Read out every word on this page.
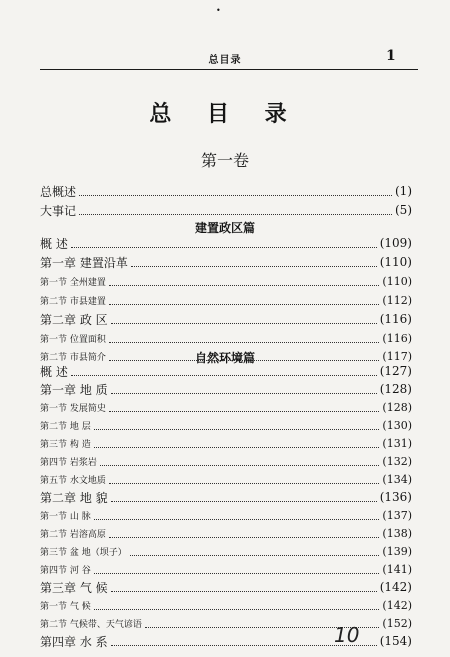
•
总目录	1
总 目 录
第一卷
总概述	(1)
大事记	(5)
建置政区篇
概 述	(109)
第一章 建置沿革	(110)
第一节 全州建置	(110)
第二节 市县建置	(112)
第二章 政 区	(116)
第一节 位置面积	(116)
第二节 市县简介	(117)
自然环境篇
概 述	(127)
第一章 地 质	(128)
第一节 发展简史	(128)
第二节 地 层	(130)
第三节 构 造	(131)
第四节 岩浆岩	(132)
第五节 水文地质	(134)
第二章 地 貌	(136)
第一节 山 脉	(137)
第二节 岩溶高原	(138)
第三节 盆 地（坝子）	(139)
第四节 河 谷	(141)
第三章 气 候	(142)
第一节 气 候	(142)
第二节 气候带、天气谚语	(152)
第四章 水 系	(154)
10
